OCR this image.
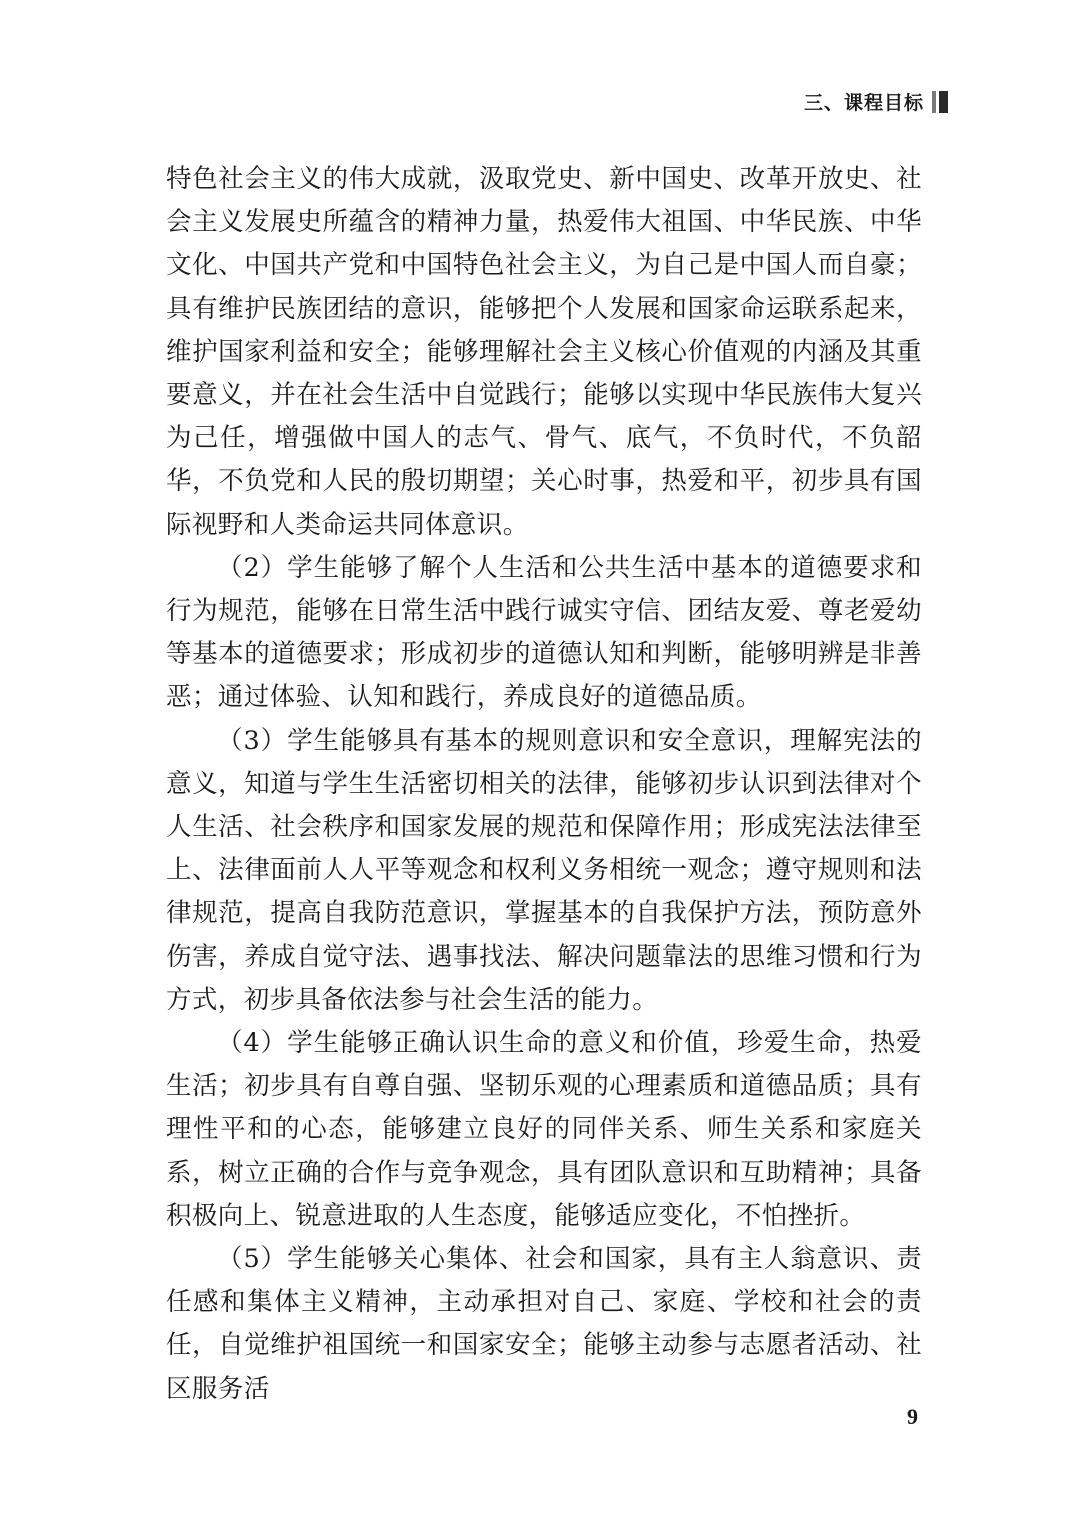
三、课程目标

特色社会主义的伟大成就，汲取党史、新中国史、改革开放史、社会主义发展史所蕴含的精神力量，热爱伟大祖国、中华民族、中华文化、中国共产党和中国特色社会主义，为自己是中国人而自豪；具有维护民族团结的意识，能够把个人发展和国家命运联系起来，维护国家利益和安全；能够理解社会主义核心价值观的内涵及其重要意义，并在社会生活中自觉践行；能够以实现中华民族伟大复兴为己任，增强做中国人的志气、骨气、底气，不负时代，不负韶华，不负党和人民的殷切期望；关心时事，热爱和平，初步具有国际视野和人类命运共同体意识。

（2）学生能够了解个人生活和公共生活中基本的道德要求和行为规范，能够在日常生活中践行诚实守信、团结友爱、尊老爱幼等基本的道德要求；形成初步的道德认知和判断，能够明辨是非善恶；通过体验、认知和践行，养成良好的道德品质。

（3）学生能够具有基本的规则意识和安全意识，理解宪法的意义，知道与学生生活密切相关的法律，能够初步认识到法律对个人生活、社会秩序和国家发展的规范和保障作用；形成宪法法律至上、法律面前人人平等观念和权利义务相统一观念；遵守规则和法律规范，提高自我防范意识，掌握基本的自我保护方法，预防意外伤害，养成自觉守法、遇事找法、解决问题靠法的思维习惯和行为方式，初步具备依法参与社会生活的能力。

（4）学生能够正确认识生命的意义和价值，珍爱生命，热爱生活；初步具有自尊自强、坚韧乐观的心理素质和道德品质；具有理性平和的心态，能够建立良好的同伴关系、师生关系和家庭关系，树立正确的合作与竞争观念，具有团队意识和互助精神；具备积极向上、锐意进取的人生态度，能够适应变化，不怕挫折。

（5）学生能够关心集体、社会和国家，具有主人翁意识、责任感和集体主义精神，主动承担对自己、家庭、学校和社会的责任，自觉维护祖国统一和国家安全；能够主动参与志愿者活动、社区服务活

9
